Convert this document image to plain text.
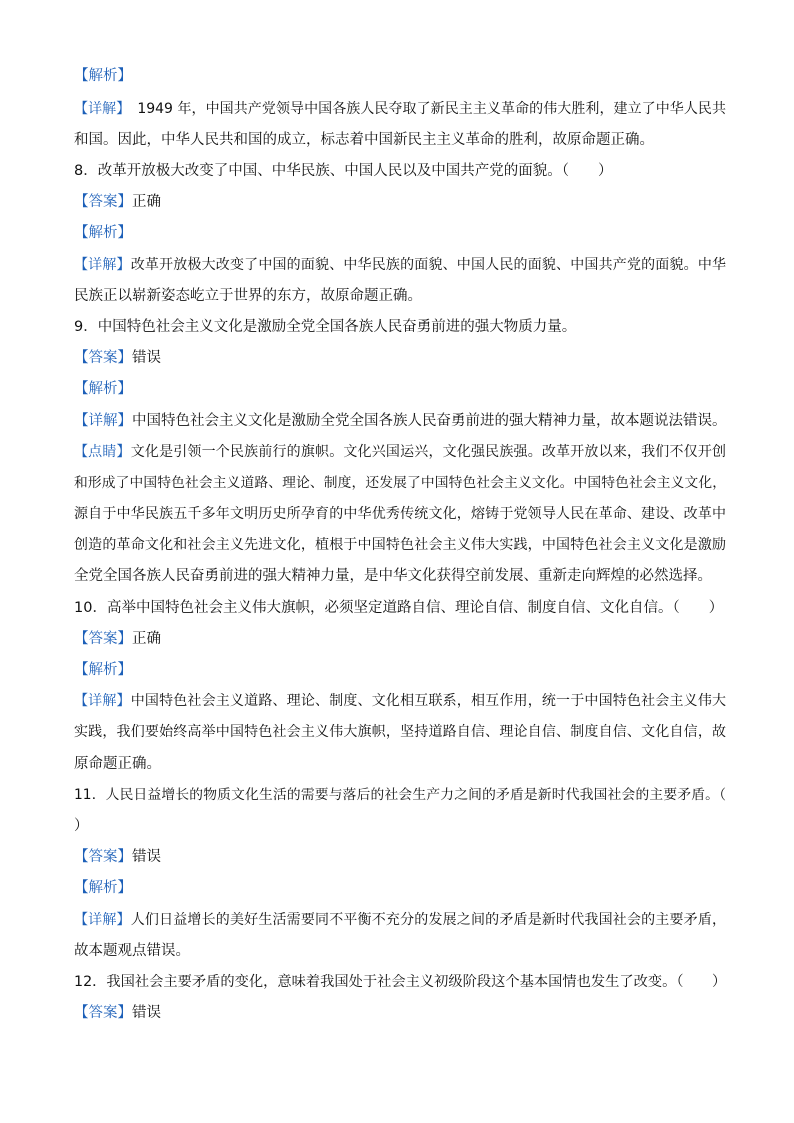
【解析】
【详解】　1949 年，中国共产党领导中国各族人民夺取了新民主主义革命的伟大胜利，建立了中华人民共
和国。因此，中华人民共和国的成立，标志着中国新民主主义革命的胜利，故原命题正确。
8．改革开放极大改变了中国、中华民族、中国人民以及中国共产党的面貌。（　　）
【答案】正确
【解析】
【详解】改革开放极大改变了中国的面貌、中华民族的面貌、中国人民的面貌、中国共产党的面貌。中华
民族正以崭新姿态屹立于世界的东方，故原命题正确。
9．中国特色社会主义文化是激励全党全国各族人民奋勇前进的强大物质力量。
【答案】错误
【解析】
【详解】中国特色社会主义文化是激励全党全国各族人民奋勇前进的强大精神力量，故本题说法错误。
【点睛】文化是引领一个民族前行的旗帜。文化兴国运兴，文化强民族强。改革开放以来，我们不仅开创
和形成了中国特色社会主义道路、理论、制度，还发展了中国特色社会主义文化。中国特色社会主义文化，
源自于中华民族五千多年文明历史所孕育的中华优秀传统文化，熔铸于党领导人民在革命、建设、改革中
创造的革命文化和社会主义先进文化，植根于中国特色社会主义伟大实践，中国特色社会主义文化是激励
全党全国各族人民奋勇前进的强大精神力量，是中华文化获得空前发展、重新走向辉煌的必然选择。
10．高举中国特色社会主义伟大旗帜，必须坚定道路自信、理论自信、制度自信、文化自信。（　　）
【答案】正确
【解析】
【详解】中国特色社会主义道路、理论、制度、文化相互联系，相互作用，统一于中国特色社会主义伟大
实践，我们要始终高举中国特色社会主义伟大旗帜，坚持道路自信、理论自信、制度自信、文化自信，故
原命题正确。
11．人民日益增长的物质文化生活的需要与落后的社会生产力之间的矛盾是新时代我国社会的主要矛盾。（
）
【答案】错误
【解析】
【详解】人们日益增长的美好生活需要同不平衡不充分的发展之间的矛盾是新时代我国社会的主要矛盾，
故本题观点错误。
12．我国社会主要矛盾的变化，意味着我国处于社会主义初级阶段这个基本国情也发生了改变。（　　）
【答案】错误
